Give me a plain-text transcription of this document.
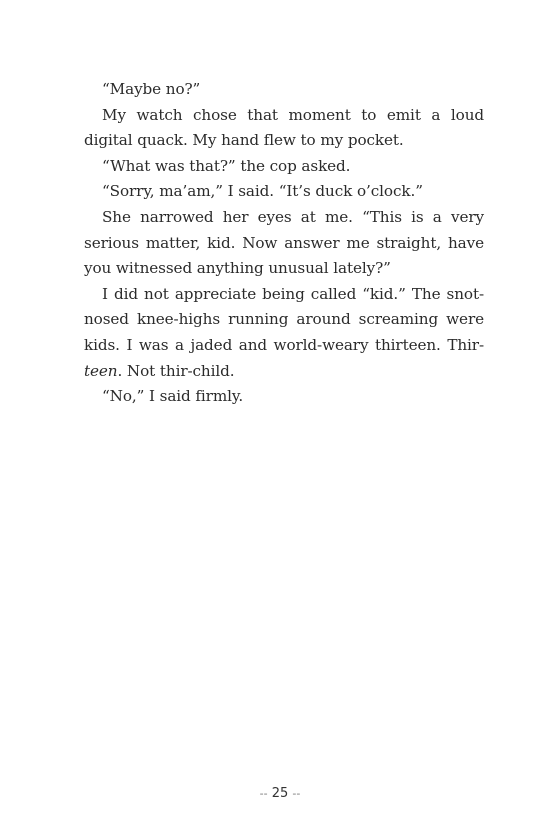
“Maybe no?”

My watch chose that moment to emit a loud digital quack. My hand flew to my pocket.

“What was that?” the cop asked.

“Sorry, ma’am,” I said. “It’s duck o’clock.”

She narrowed her eyes at me. “This is a very serious matter, kid. Now answer me straight, have you witnessed anything unusual lately?”

I did not appreciate being called “kid.” The snot-nosed knee-highs running around screaming were kids. I was a jaded and world-weary thirteen. Thir-teen. Not thir-child.

“No,” I said firmly.

-- 25 --
